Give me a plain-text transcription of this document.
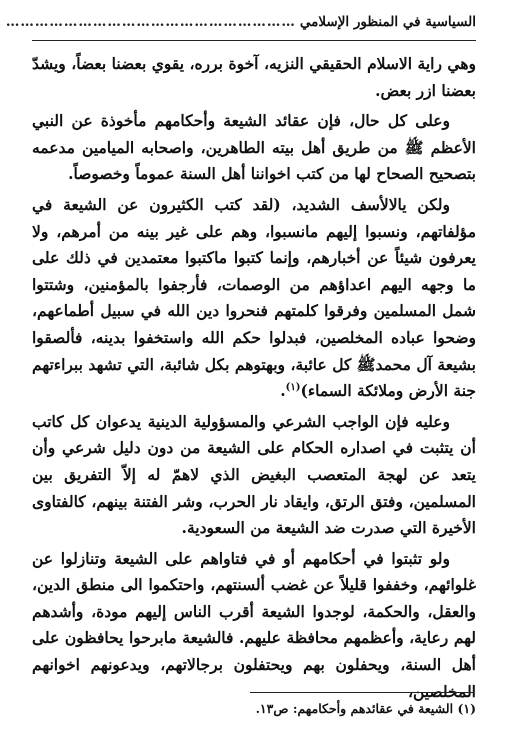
السياسية في المنظور الإسلامي
……………………………………………………

وهي راية الاسلام الحقيقي النزيه، آخوة برره، يقوي بعضنا بعضاً، ويشدّ بعضنا ازر بعض.

وعلى كل حال، فإن عقائد الشيعة وأحكامهم مأخوذة عن النبي الأعظم ﷺ من طريق أهل بيته الطاهرين، واصحابه الميامين مدعمه بتصحيح الصحاح لها من كتب اخواننا أهل السنة عموماً وخصوصاً.

ولكن يالالأسف الشديد، (لقد كتب الكثيرون عن الشيعة في مؤلفاتهم، ونسبوا إليهم مانسبوا، وهم على غير بينه من أمرهم، ولا يعرفون شيئاً عن أخبارهم، وإنما كتبوا ماكتبوا معتمدين في ذلك على ما وجهه اليهم اعداؤهم من الوصمات، فأرجفوا بالمؤمنين، وشتتوا شمل المسلمين وفرقوا كلمتهم فنحروا دين الله في سبيل أطماعهم، وضحوا عباده المخلصين، فبدلوا حكم الله واستخفوا بدينه، فألصقوا بشيعة آل محمدﷺ كل عائبة، وبهتوهم بكل شائبة، التي تشهد ببراءتهم جنة الأرض وملائكة السماء)$^{(١)}$.

وعليه فإن الواجب الشرعي والمسؤولية الدينية يدعوان كل كاتب أن يتثبت في اصداره الحكام على الشيعة من دون دليل شرعي وأن يتعد عن لهجة المتعصب البغيض الذي لاهمّ له إلاّ التفريق بين المسلمين، وفتق الرتق، وايقاد نار الحرب، وشر الفتنة بينهم، كالفتاوى الأخيرة التي صدرت ضد الشيعة من السعودية.

ولو تثبتوا في أحكامهم أو في فتاواهم على الشيعة وتنازلوا عن غلوائهم، وخففوا قليلاً عن غضب ألسنتهم، واحتكموا الى منطق الدين، والعقل، والحكمة، لوجدوا الشيعة أقرب الناس إليهم مودة، وأشدهم لهم رعاية، وأعظمهم محافظة عليهم. فالشيعة مابرحوا يحافظون على أهل السنة، ويحفلون بهم ويحتفلون برجالاتهم، ويدعونهم اخوانهم المخلصين،

(١) الشيعة في عقائدهم وأحكامهم: ص١٣.
